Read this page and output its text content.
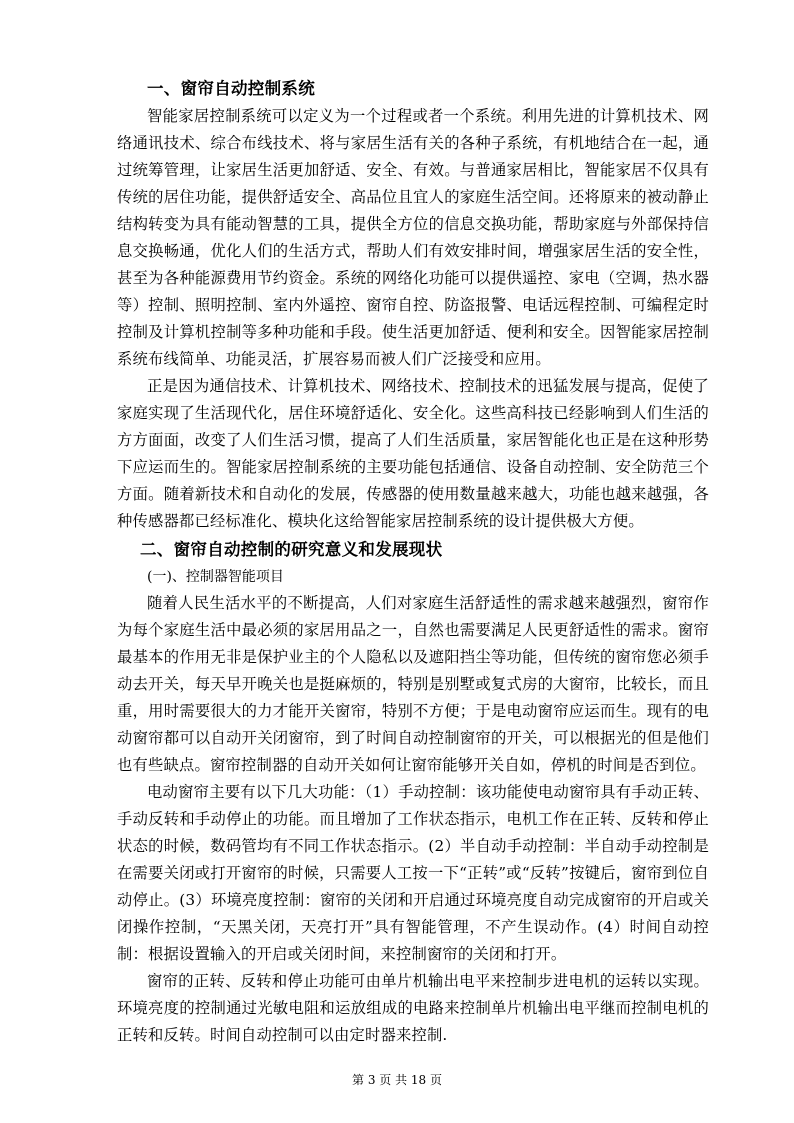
一、窗帘自动控制系统

智能家居控制系统可以定义为一个过程或者一个系统。利用先进的计算机技术、网络通讯技术、综合布线技术、将与家居生活有关的各种子系统，有机地结合在一起，通过统筹管理，让家居生活更加舒适、安全、有效。与普通家居相比，智能家居不仅具有传统的居住功能，提供舒适安全、高品位且宜人的家庭生活空间。还将原来的被动静止结构转变为具有能动智慧的工具，提供全方位的信息交换功能，帮助家庭与外部保持信息交换畅通，优化人们的生活方式，帮助人们有效安排时间，增强家居生活的安全性，甚至为各种能源费用节约资金。系统的网络化功能可以提供遥控、家电（空调，热水器等）控制、照明控制、室内外遥控、窗帘自控、防盗报警、电话远程控制、可编程定时控制及计算机控制等多种功能和手段。使生活更加舒适、便利和安全。因智能家居控制系统布线简单、功能灵活，扩展容易而被人们广泛接受和应用。

正是因为通信技术、计算机技术、网络技术、控制技术的迅猛发展与提高，促使了家庭实现了生活现代化，居住环境舒适化、安全化。这些高科技已经影响到人们生活的方方面面，改变了人们生活习惯，提高了人们生活质量，家居智能化也正是在这种形势下应运而生的。智能家居控制系统的主要功能包括通信、设备自动控制、安全防范三个方面。随着新技术和自动化的发展，传感器的使用数量越来越大，功能也越来越强，各种传感器都已经标准化、模块化这给智能家居控制系统的设计提供极大方便。

二、窗帘自动控制的研究意义和发展现状
(一)、控制器智能项目

随着人民生活水平的不断提高，人们对家庭生活舒适性的需求越来越强烈，窗帘作为每个家庭生活中最必须的家居用品之一，自然也需要满足人民更舒适性的需求。窗帘最基本的作用无非是保护业主的个人隐私以及遮阳挡尘等功能，但传统的窗帘您必须手动去开关，每天早开晚关也是挺麻烦的，特别是别墅或复式房的大窗帘，比较长，而且重，用时需要很大的力才能开关窗帘，特别不方便；于是电动窗帘应运而生。现有的电动窗帘都可以自动开关闭窗帘，到了时间自动控制窗帘的开关，可以根据光的但是他们也有些缺点。窗帘控制器的自动开关如何让窗帘能够开关自如，停机的时间是否到位。

电动窗帘主要有以下几大功能：（1）手动控制：该功能使电动窗帘具有手动正转、手动反转和手动停止的功能。而且增加了工作状态指示，电机工作在正转、反转和停止状态的时候，数码管均有不同工作状态指示。(2）半自动手动控制：半自动手动控制是在需要关闭或打开窗帘的时候，只需要人工按一下“正转”或“反转”按键后，窗帘到位自动停止。(3）环境亮度控制：窗帘的关闭和开启通过环境亮度自动完成窗帘的开启或关闭操作控制，“天黑关闭，天亮打开”具有智能管理，不产生误动作。(4）时间自动控制：根据设置输入的开启或关闭时间，来控制窗帘的关闭和打开。

窗帘的正转、反转和停止功能可由单片机输出电平来控制步进电机的运转以实现。环境亮度的控制通过光敏电阻和运放组成的电路来控制单片机输出电平继而控制电机的正转和反转。时间自动控制可以由定时器来控制.

第 3 页 共 18 页
